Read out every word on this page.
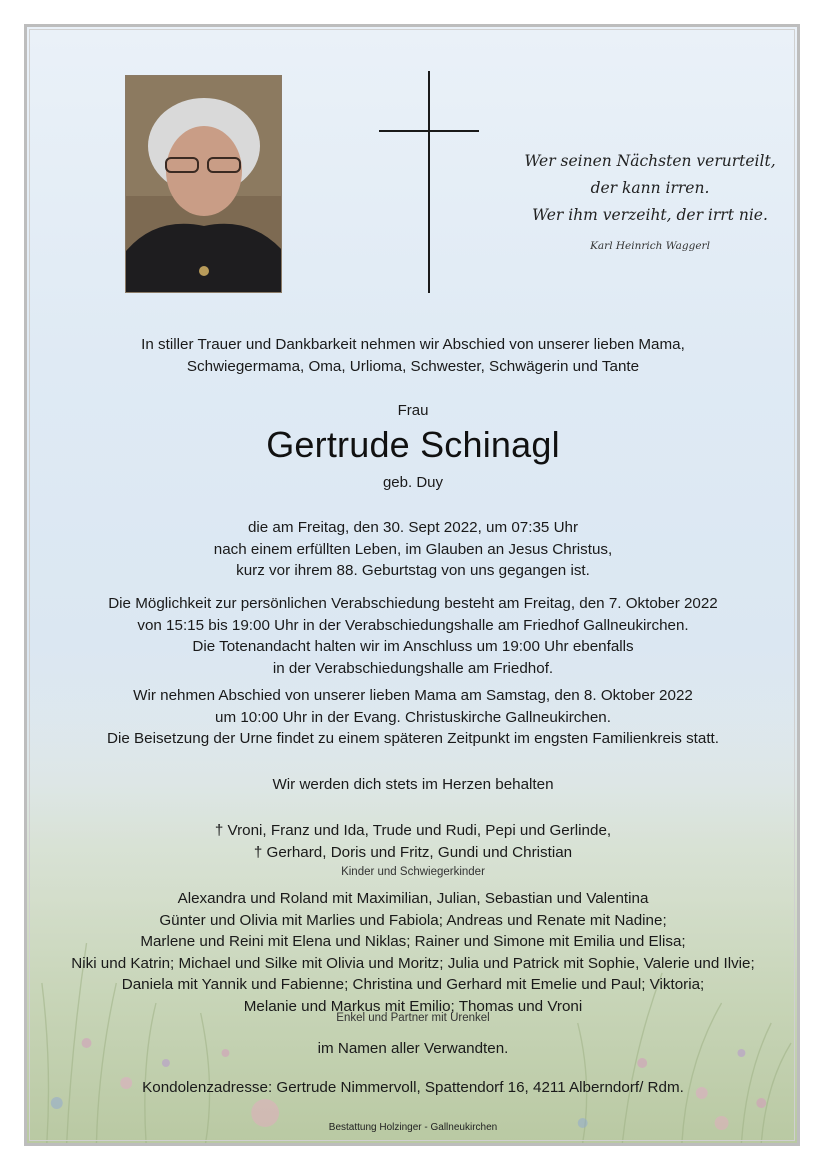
Wer seinen Nächsten verurteilt,
der kann irren.
Wer ihm verzeiht, der irrt nie.
Karl Heinrich Waggerl
In stiller Trauer und Dankbarkeit nehmen wir Abschied von unserer lieben Mama,
Schwiegermama, Oma, Urlioma, Schwester, Schwägerin und Tante
Frau
Gertrude Schinagl
geb. Duy
die am Freitag, den 30. Sept 2022, um 07:35 Uhr
nach einem erfüllten Leben, im Glauben an Jesus Christus,
kurz vor ihrem 88. Geburtstag von uns gegangen ist.
Die Möglichkeit zur persönlichen Verabschiedung besteht am Freitag, den 7. Oktober 2022
von 15:15 bis 19:00 Uhr in der Verabschiedungshalle am Friedhof Gallneukirchen.
Die Totenandacht halten wir im Anschluss um 19:00 Uhr ebenfalls
in der Verabschiedungshalle am Friedhof.
Wir nehmen Abschied von unserer lieben Mama am Samstag, den 8. Oktober 2022
um 10:00 Uhr in der Evang. Christuskirche Gallneukirchen.
Die Beisetzung der Urne findet zu einem späteren Zeitpunkt im engsten Familienkreis statt.
Wir werden dich stets im Herzen behalten
† Vroni, Franz und Ida, Trude und Rudi, Pepi und Gerlinde,
† Gerhard, Doris und Fritz, Gundi und Christian
Kinder und Schwiegerkinder
Alexandra und Roland mit Maximilian, Julian, Sebastian und Valentina
Günter und Olivia mit Marlies und Fabiola; Andreas und Renate mit Nadine;
Marlene und Reini mit Elena und Niklas; Rainer und Simone mit Emilia und Elisa;
Niki und Katrin; Michael und Silke mit Olivia und Moritz; Julia und Patrick mit Sophie, Valerie und Ilvie;
Daniela mit Yannik und Fabienne; Christina und Gerhard mit Emelie und Paul; Viktoria;
Melanie und Markus mit Emilio; Thomas und Vroni
Enkel und Partner mit Urenkel
im Namen aller Verwandten.
Kondolenzadresse: Gertrude Nimmervoll, Spattendorf 16, 4211 Alberndorf/ Rdm.
Bestattung Holzinger - Gallneukirchen
